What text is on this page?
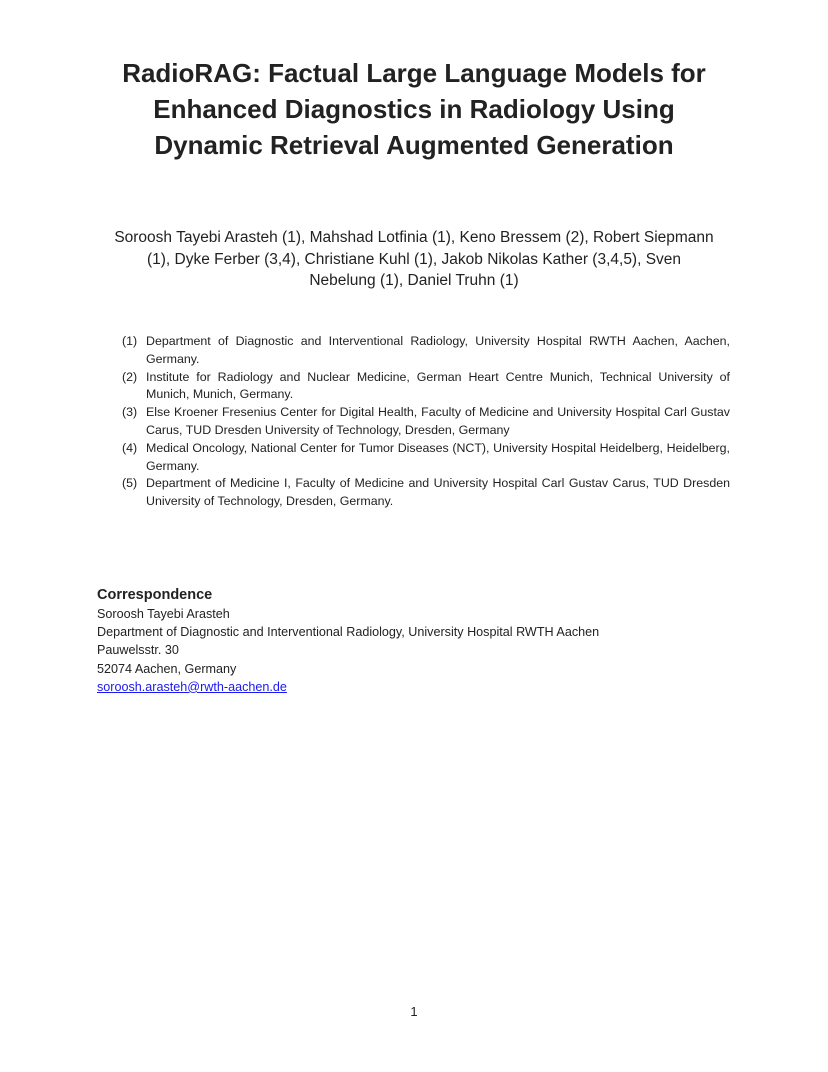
RadioRAG: Factual Large Language Models for
Enhanced Diagnostics in Radiology Using
Dynamic Retrieval Augmented Generation
Soroosh Tayebi Arasteh (1), Mahshad Lotfinia (1), Keno Bressem (2), Robert Siepmann
(1), Dyke Ferber (3,4), Christiane Kuhl (1), Jakob Nikolas Kather (3,4,5), Sven
Nebelung (1), Daniel Truhn (1)
(1) Department of Diagnostic and Interventional Radiology, University Hospital RWTH Aachen, Aachen, Germany.
(2) Institute for Radiology and Nuclear Medicine, German Heart Centre Munich, Technical University of Munich, Munich, Germany.
(3) Else Kroener Fresenius Center for Digital Health, Faculty of Medicine and University Hospital Carl Gustav Carus, TUD Dresden University of Technology, Dresden, Germany
(4) Medical Oncology, National Center for Tumor Diseases (NCT), University Hospital Heidelberg, Heidelberg, Germany.
(5) Department of Medicine I, Faculty of Medicine and University Hospital Carl Gustav Carus, TUD Dresden University of Technology, Dresden, Germany.
Correspondence
Soroosh Tayebi Arasteh
Department of Diagnostic and Interventional Radiology, University Hospital RWTH Aachen
Pauwelsstr. 30
52074 Aachen, Germany
soroosh.arasteh@rwth-aachen.de
1
